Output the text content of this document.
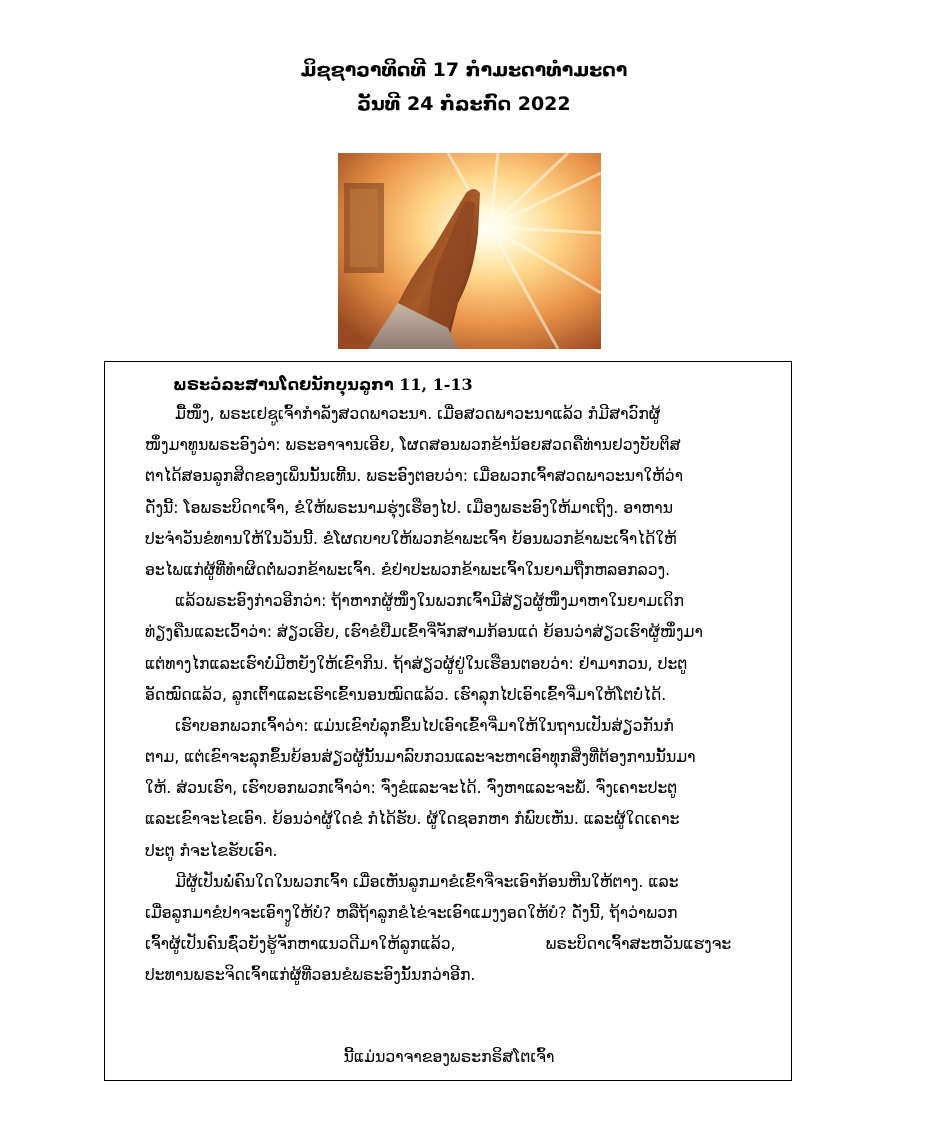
ມິຊຊາວາທິດທີ 17 ກຳມະດາທຳມະດາ
ວັນທີ 24 ກໍລະກົດ 2022
ພຣະວໍລະສານໂດຍນັກບຸນລູກາ 11, 1-13
ມື້ໜຶ່ງ, ພຣະເຢຊູເຈົ້າກຳລັງສວດພາວະນາ. ເມື່ອສວດພາວະນາແລ້ວ ກໍມີສາວົກຜູ້
ໜຶ່ງມາທູນພຣະອົງວ່າ: ພຣະອາຈານເອີຍ, ໂຜດສອນພວກຂ້ານ້ອຍສວດຄືທ່ານຢວງບັບຕິສ
ຕາໄດ້ສອນລູກສິດຂອງເພິ່ນນັ້ນເທີ້ນ. ພຣະອົງຕອບວ່າ: ເມື່ອພວກເຈົ້າສວດພາວະນາໃຫ້ວ່າ
ດັ່ງນີ້: ໂອພຣະບິດາເຈົ້າ, ຂໍໃຫ້ພຣະນາມຮຸ່ງເຮືອງໄປ. ເມືອງພຣະອົງໃຫ້ມາເຖິງ. ອາຫານ
ປະຈຳວັນຂໍທານໃຫ້ໃນວັນນີ້. ຂໍໂຜດບາບໃຫ້ພວກຂ້າພະເຈົ້າ ຍ້ອນພວກຂ້າພະເຈົ້າໄດ້ໃຫ້
ອະໄພແກ່ຜູ້ທີ່ທຳຜິດຕໍ່ພວກຂ້າພະເຈົ້າ. ຂໍຢ່າປະພວກຂ້າພະເຈົ້າໃນຍາມຖືກຫລອກລວງ.
ແລ້ວພຣະອົງກ່າວອີກວ່າ: ຖ້າຫາກຜູ້ໜຶ່ງໃນພວກເຈົ້າມີສ່ຽວຜູ້ໜຶ່ງມາຫາໃນຍາມເດິກ
ທ່ຽງຄືນແລະເວົ້າວ່າ: ສ່ຽວເອີຍ, ເຮົາຂໍຢືມເຂົ້າຈີ່ຈັກສາມກ້ອນແດ່ ຍ້ອນວ່າສ່ຽວເຮົາຜູ້ໜຶ່ງມາ
ແຕ່ທາງໄກແລະເຮົາບໍ່ມີຫຍັງໃຫ້ເຂົາກິນ. ຖ້າສ່ຽວຜູ້ຢູ່ໃນເຮືອນຕອບວ່າ: ຢ່າມາກວນ, ປະຕູ
ອັດໝົດແລ້ວ, ລູກເຕົ້າແລະເຮົາເຂົ້ານອນໝົດແລ້ວ. ເຮົາລຸກໄປເອົາເຂົ້າຈີ່ມາໃຫ້ໂຕບໍ່ໄດ້.
ເຮົາບອກພວກເຈົ້າວ່າ: ແມ່ນເຂົາບໍ່ລຸກຂຶ້ນໄປເອົາເຂົ້າຈີ່ມາໃຫ້ໃນຖານເປັນສ່ຽວກັນກໍ
ຕາມ, ແຕ່ເຂົາຈະລຸກຂຶ້ນຍ້ອນສ່ຽວຜູ້ນັ້ນມາລົບກວນແລະຈະຫາເອົາທຸກສິ່ງທີ່ຕ້ອງການນັ້ນມາ
ໃຫ້. ສ່ວນເຮົາ, ເຮົາບອກພວກເຈົ້າວ່າ: ຈົ່ງຂໍແລະຈະໄດ້. ຈົ່ງຫາແລະຈະພໍ້. ຈົ່ງເຄາະປະຕູ
ແລະເຂົາຈະໄຂເອົາ. ຍ້ອນວ່າຜູ້ໃດຂໍ ກໍໄດ້ຮັບ. ຜູ້ໃດຊອກຫາ ກໍພົບເຫັນ. ແລະຜູ້ໃດເຄາະ
ປະຕູ ກໍຈະໄຂຮັບເອົາ.
ມີຜູ້ເປັນພໍ່ຄົນໃດໃນພວກເຈົ້າ ເມື່ອເຫັນລູກມາຂໍເຂົ້າຈີ່ຈະເອົາກ້ອນຫີນໃຫ້ຕາງ. ແລະ
ເມື່ອລູກມາຂໍປາຈະເອົາງູໃຫ້ບໍ? ຫລືຖ້າລູກຂໍໄຂ່ຈະເອົາແມງງອດໃຫ້ບໍ? ດັ່ງນີ້, ຖ້າວ່າພວກ
ເຈົ້າຜູ້ເປັນຄົນຊົ່ວຍັງຮູ້ຈັກຫາແນວດີມາໃຫ້ລູກແລ້ວ,	ພຣະບິດາເຈົ້າສະຫວັນແຮງຈະ
ປະທານພຣະຈິດເຈົ້າແກ່ຜູ້ທີ່ວອນຂໍພຣະອົງນັ້ນກວ່າອີກ.
ນີ້ແມ່ນວາຈາຂອງພຣະກຣິສໂຕເຈົ້າ
